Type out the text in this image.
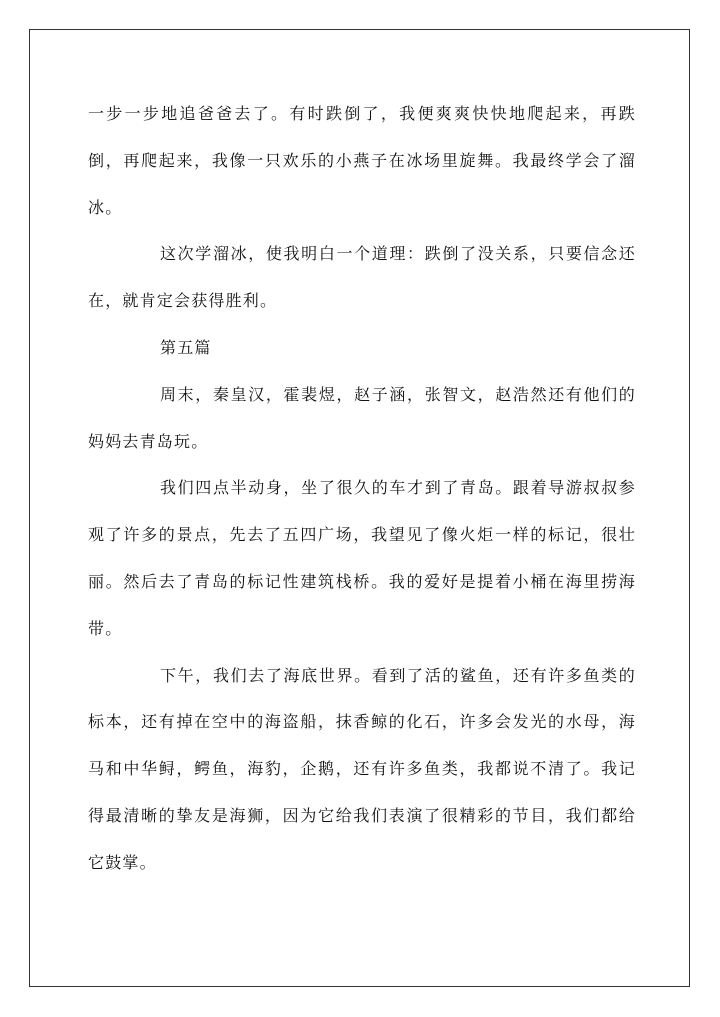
一步一步地追爸爸去了。有时跌倒了，我便爽爽快快地爬起来，再跌倒，再爬起来，我像一只欢乐的小燕子在冰场里旋舞。我最终学会了溜冰。

这次学溜冰，使我明白一个道理：跌倒了没关系，只要信念还在，就肯定会获得胜利。

第五篇

周末，秦皇汉，霍裴煜，赵子涵，张智文，赵浩然还有他们的妈妈去青岛玩。

我们四点半动身，坐了很久的车才到了青岛。跟着导游叔叔参观了许多的景点，先去了五四广场，我望见了像火炬一样的标记，很壮丽。然后去了青岛的标记性建筑栈桥。我的爱好是提着小桶在海里捞海带。

下午，我们去了海底世界。看到了活的鲨鱼，还有许多鱼类的标本，还有掉在空中的海盗船，抹香鲸的化石，许多会发光的水母，海马和中华鲟，鳄鱼，海豹，企鹅，还有许多鱼类，我都说不清了。我记得最清晰的挚友是海狮，因为它给我们表演了很精彩的节目，我们都给它鼓掌。
